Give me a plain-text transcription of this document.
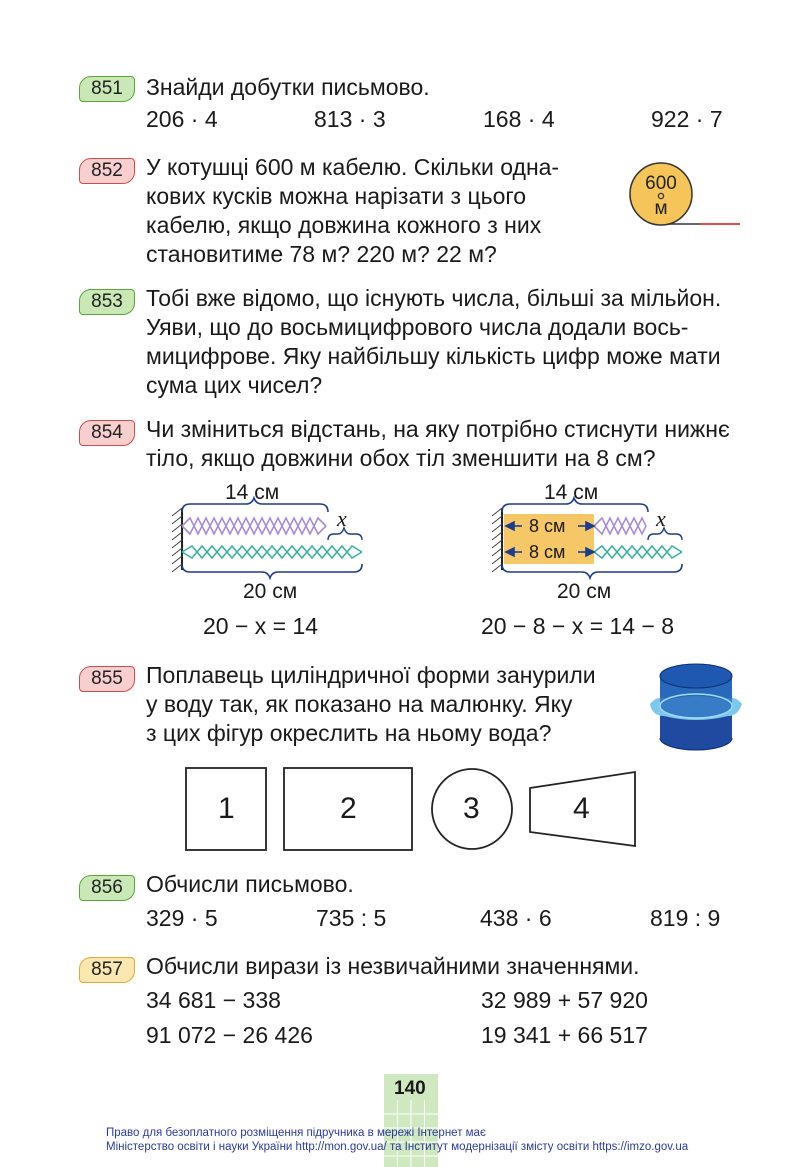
851	Знайди добутки письмово.
206 · 4	813 · 3	168 · 4	922 · 7
852	У котушці 600 м кабелю. Скільки одна-
кових кусків можна нарізати з цього
кабелю, якщо довжина кожного з них
становитиме 78 м? 220 м? 22 м?
600
м
853	Тобі вже відомо, що існують числа, більші за мільйон.
Уяви, що до восьмицифрового числа додали вось-
мицифрове. Яку найбільшу кількість цифр може мати
сума цих чисел?
854	Чи зміниться відстань, на яку потрібно стиснути нижнє
тіло, якщо довжини обох тіл зменшити на 8 см?
14 см
x
20 см
20 − x = 14
14 см
8 см
8 см
x
20 см
20 − 8 − x = 14 − 8
855	Поплавець циліндричної форми занурили
у воду так, як показано на малюнку. Яку
з цих фігур окреслить на ньому вода?
1	2	3	4
856	Обчисли письмово.
329 · 5	735 : 5	438 · 6	819 : 9
857	Обчисли вирази із незвичайними значеннями.
34 681 − 338	32 989 + 57 920
91 072 − 26 426	19 341 + 66 517
140
Право для безоплатного розміщення підручника в мережі Інтернет має
Міністерство освіти і науки України http://mon.gov.ua/ та Інститут модернізації змісту освіти https://imzo.gov.ua
